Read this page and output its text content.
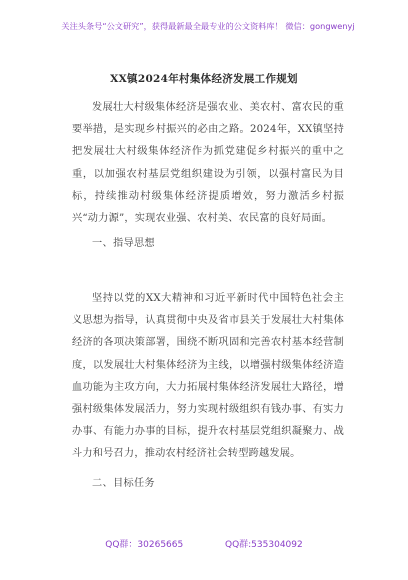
关注头条号“公文研究”，获得最新最全最专业的公文资料库！ 微信：gongwenyj
XX镇2024年村集体经济发展工作规划

发展壮大村级集体经济是强农业、美农村、富农民的重要举措，是实现乡村振兴的必由之路。2024年，XX镇坚持把发展壮大村级集体经济作为抓党建促乡村振兴的重中之重，以加强农村基层党组织建设为引领，以强村富民为目标，持续推动村级集体经济提质增效，努力激活乡村振兴“动力源”，实现农业强、农村美、农民富的良好局面。

一、指导思想

坚持以党的XX大精神和习近平新时代中国特色社会主义思想为指导，认真贯彻中央及省市县关于发展壮大村集体经济的各项决策部署，围绕不断巩固和完善农村基本经营制度，以发展壮大村集体经济为主线，以增强村级集体经济造血功能为主攻方向，大力拓展村集体经济发展壮大路径，增强村级集体发展活力，努力实现村级组织有钱办事、有实力办事、有能力办事的目标，提升农村基层党组织凝聚力、战斗力和号召力，推动农村经济社会转型跨越发展。

二、目标任务
QQ群：30265665	QQ群:535304092
